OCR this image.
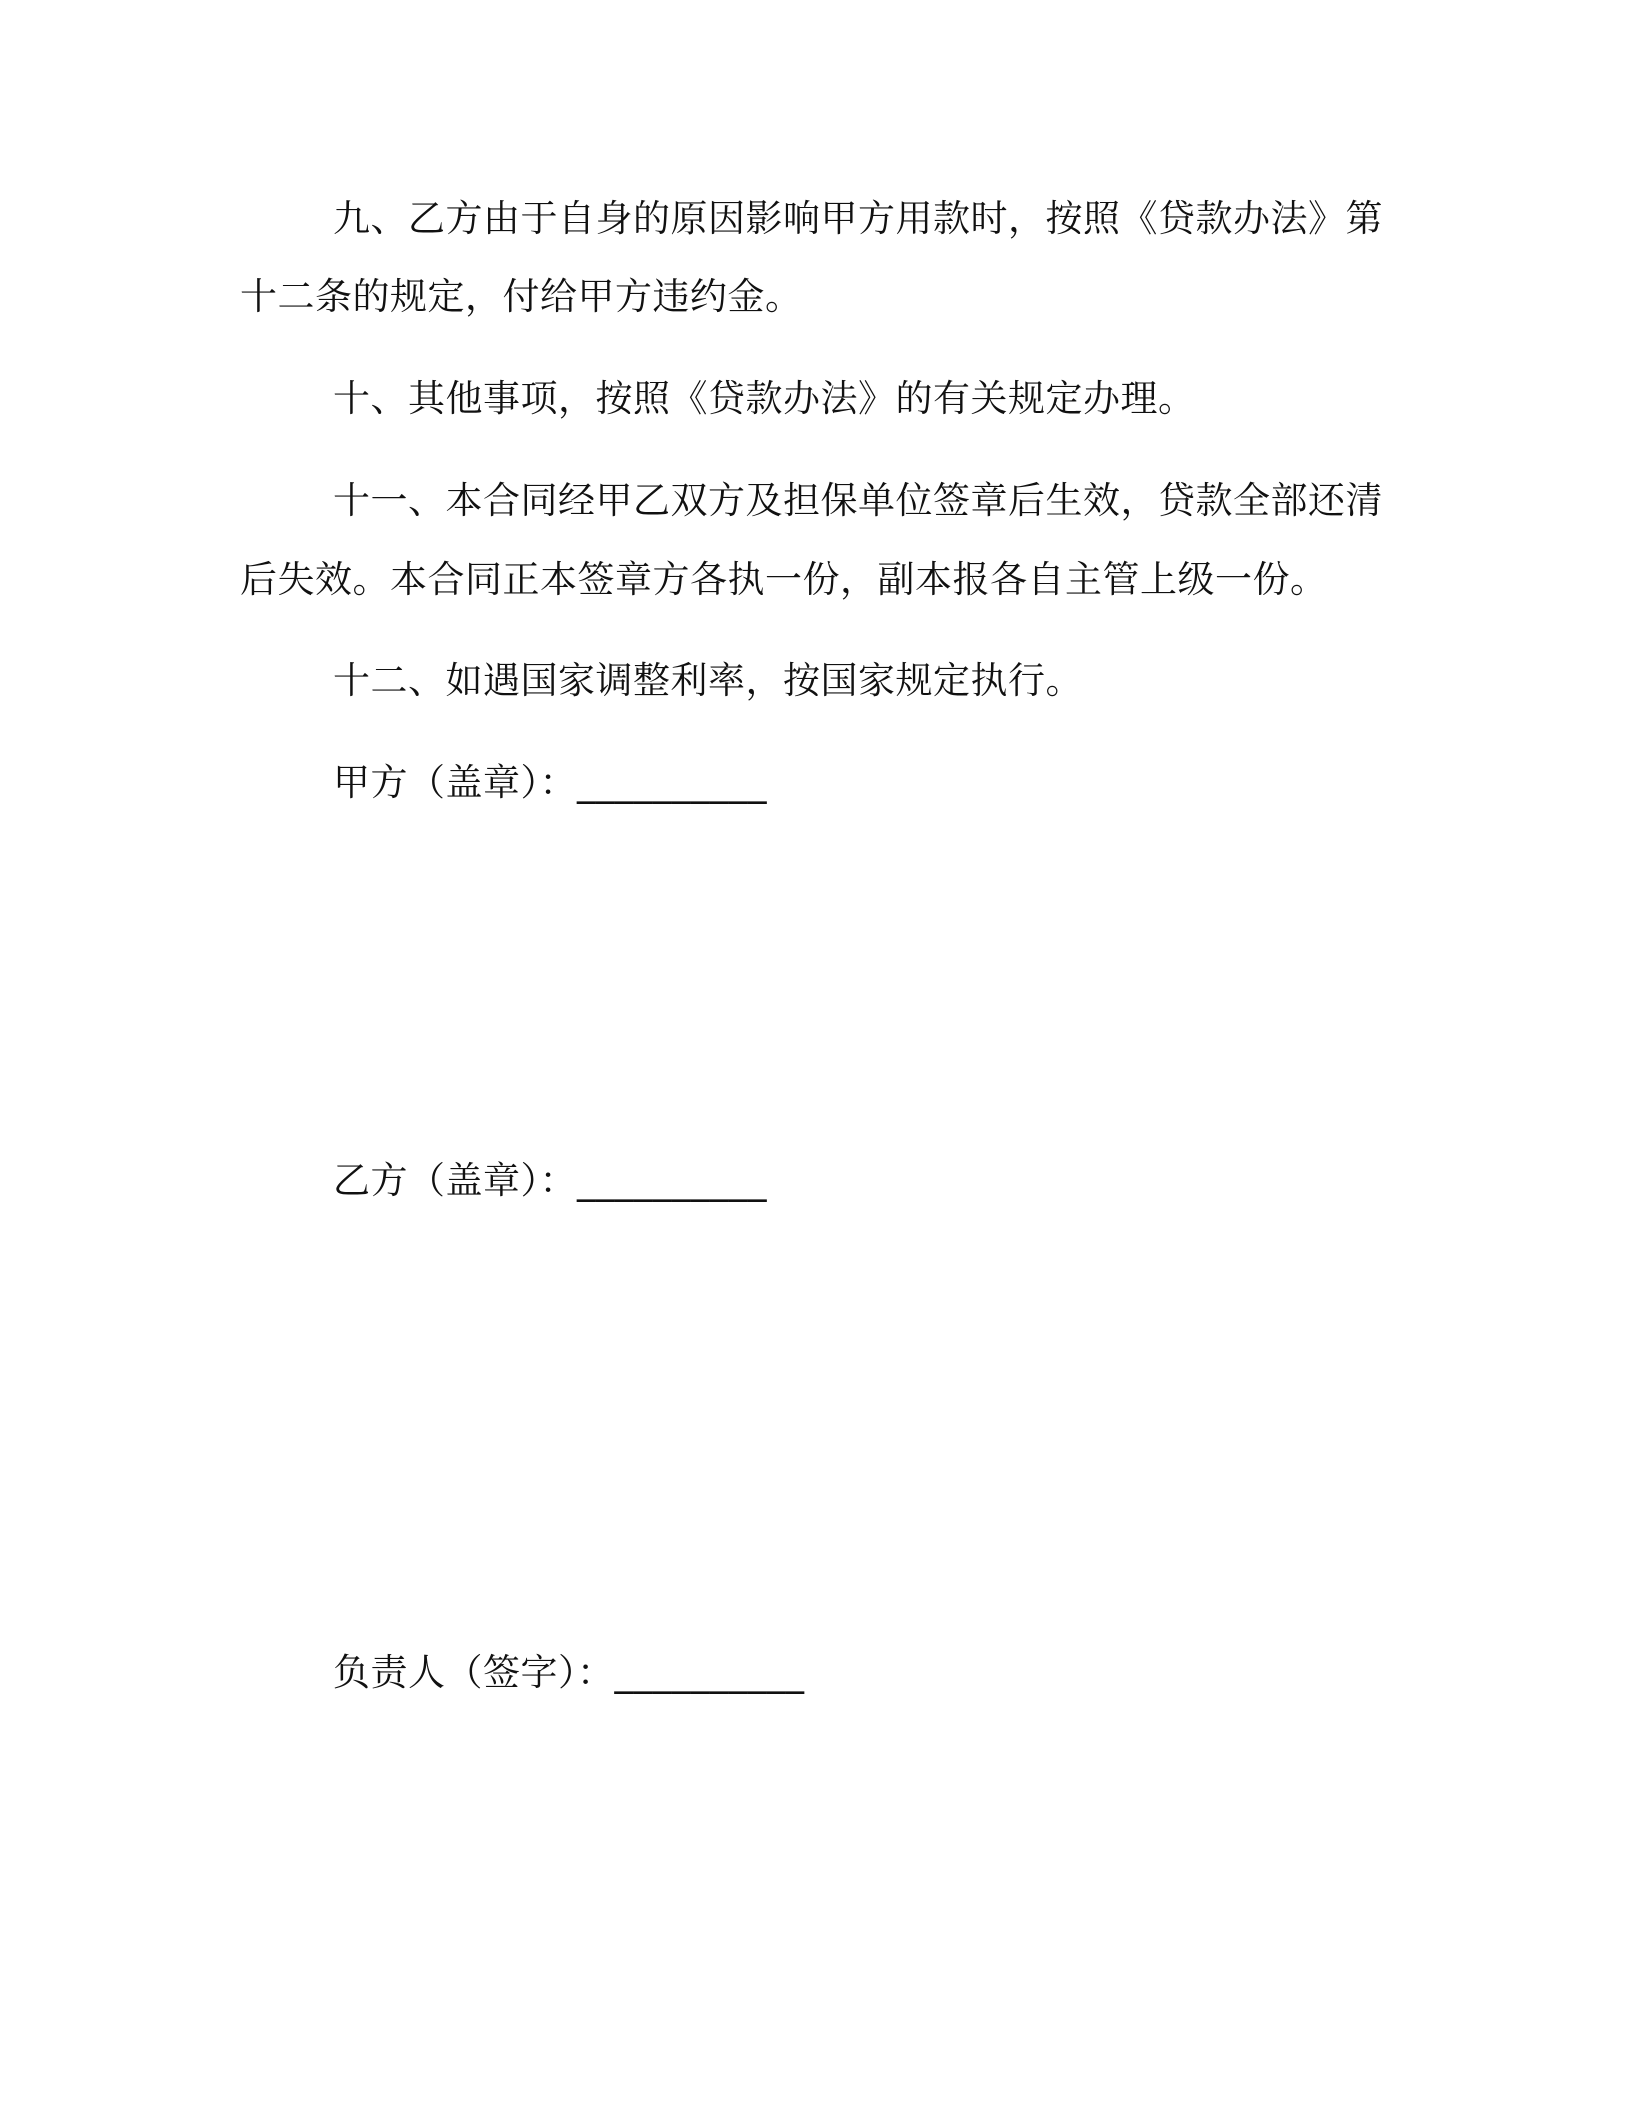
九、乙方由于自身的原因影响甲方用款时，按照《贷款办法》第
十二条的规定，付给甲方违约金。
十、其他事项，按照《贷款办法》的有关规定办理。
十一、本合同经甲乙双方及担保单位签章后生效，贷款全部还清
后失效。本合同正本签章方各执一份，副本报各自主管上级一份。
十二、如遇国家调整利率，按国家规定执行。
甲方（盖章）：__________
乙方（盖章）：__________
负责人（签字）：__________
